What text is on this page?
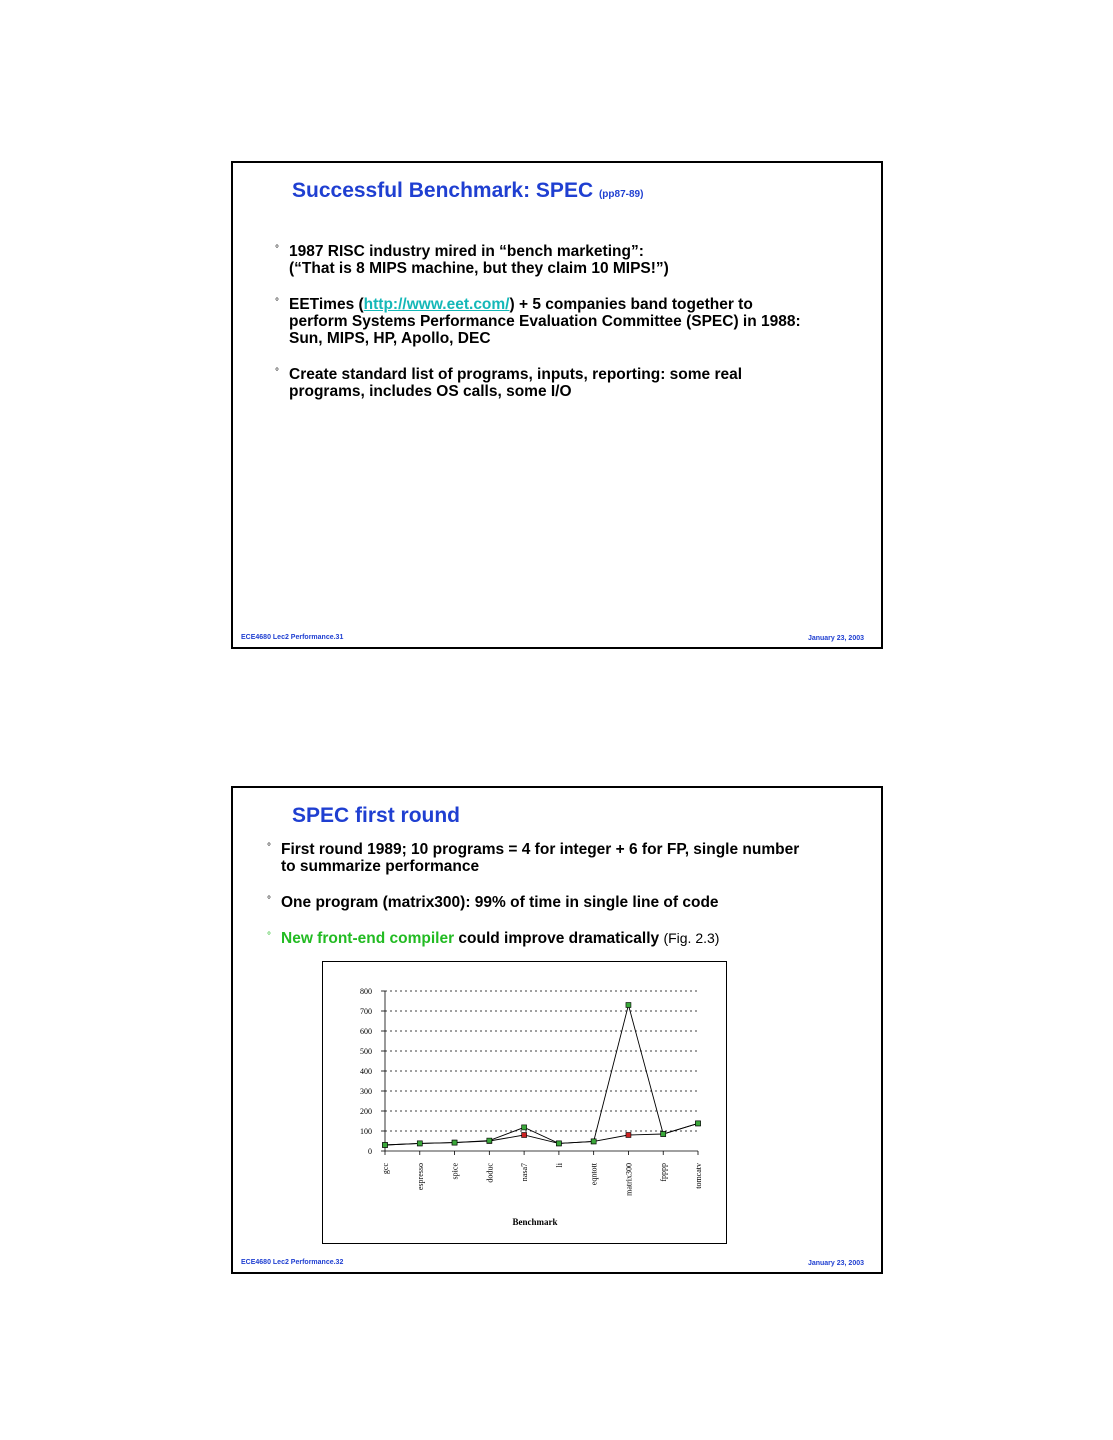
Successful Benchmark: SPEC (pp87-89)
° 1987 RISC industry mired in “bench marketing”:
(“That is 8 MIPS machine, but they claim 10 MIPS!”)
° EETimes (http://www.eet.com/) + 5 companies band together to
perform Systems Performance Evaluation Committee (SPEC) in 1988:
Sun, MIPS, HP, Apollo, DEC
° Create standard list of programs, inputs, reporting: some real
programs, includes OS calls, some I/O
ECE4680 Lec2 Performance.31	January 23, 2003
SPEC first round
° First round 1989; 10 programs = 4 for integer + 6 for FP, single number
to summarize performance
° One program (matrix300): 99% of time in single line of code
° New front-end compiler could improve dramatically (Fig. 2.3)
0
100
200
300
400
500
600
700
800
gcc	espresso	spice	doduc	nasa7	li	eqntott	matrix300	fpppp	tomcatv
Benchmark
ECE4680 Lec2 Performance.32	January 23, 2003
